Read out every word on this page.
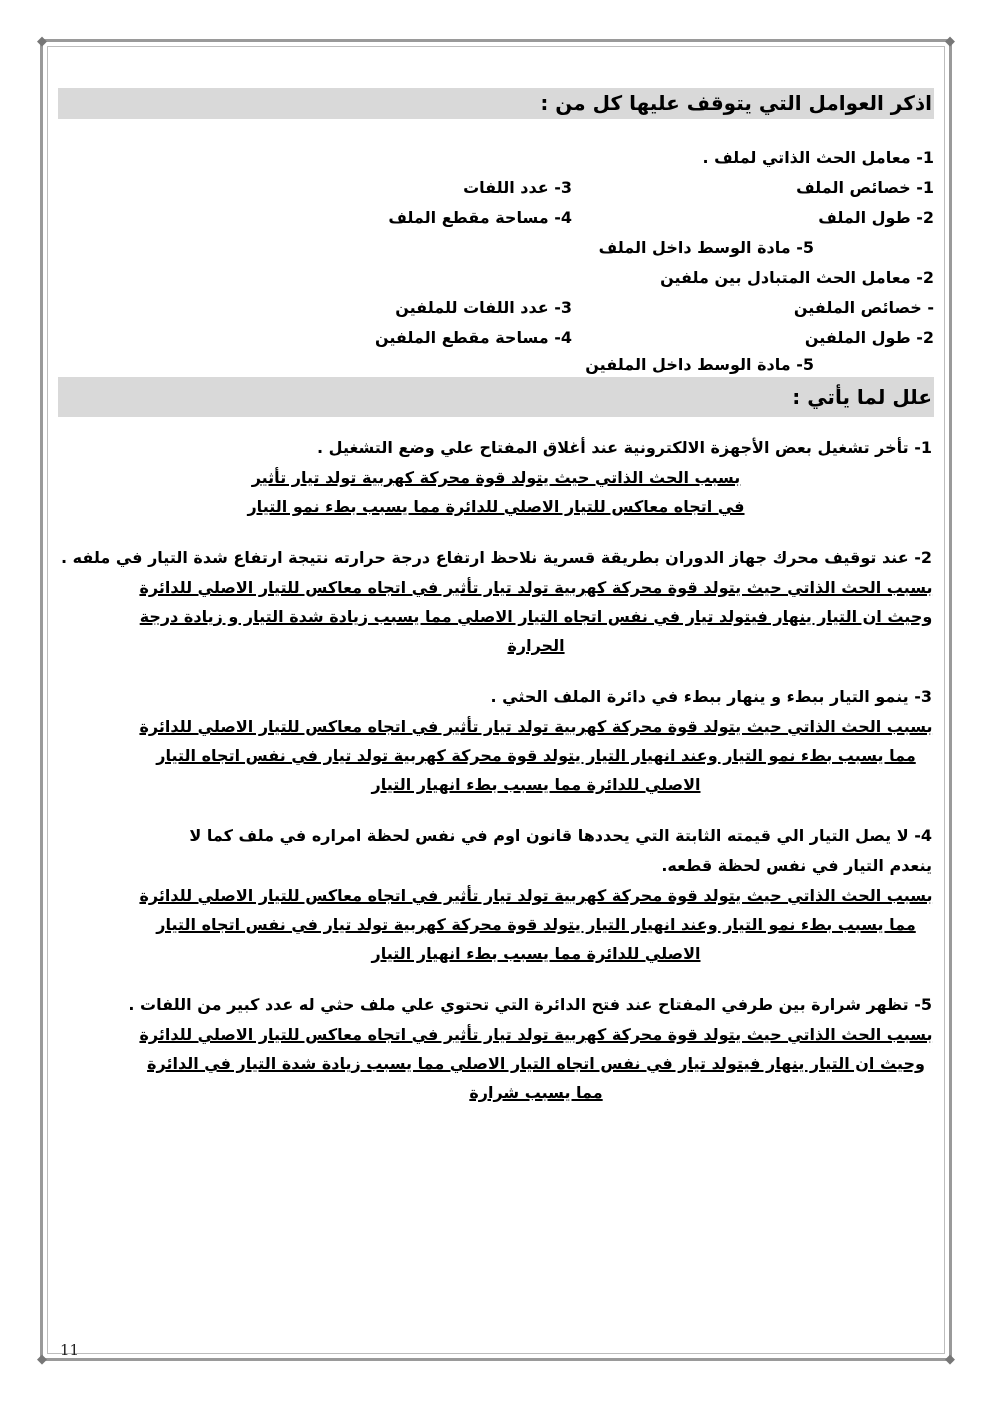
◆	◆
◆	◆
اذكر العوامل التي يتوقف عليها كل من :
1- معامل الحث الذاتي لملف .
1- خصائص الملف
3- عدد اللفات
2- طول الملف
4- مساحة مقطع الملف
5- مادة الوسط داخل الملف
2- معامل الحث المتبادل بين ملفين
- خصائص الملفين
3- عدد اللفات للملفين
2- طول الملفين
4- مساحة مقطع الملفين
5- مادة الوسط داخل الملفين
علل لما يأتي :
1- تأخر تشغيل بعض الأجهزة الالكترونية عند أغلاق المفتاح علي وضع التشغيل .
بسبب الحث الذاتي حيث يتولد قوة محركة كهربية تولد تيار تأثير في اتجاه معاكس للتيار الاصلي للدائرة مما يسبب بطء نمو التيار
2- عند توقيف محرك جهاز الدوران بطريقة قسرية نلاحظ ارتفاع درجة حرارته نتيجة ارتفاع شدة التيار في ملفه .
بسبب الحث الذاتي حيث يتولد قوة محركة كهربية تولد تيار تأثير في اتجاه معاكس للتيار الاصلي للدائرة وحيث ان التيار ينهار فيتولد تيار في نفس اتجاه التيار الاصلي مما يسبب زيادة شدة التيار و زيادة درجة الحرارة
3- ينمو التيار ببطء و ينهار ببطء في دائرة الملف الحثي .
بسبب الحث الذاتي حيث يتولد قوة محركة كهربية تولد تيار تأثير في اتجاه معاكس للتيار الاصلي للدائرة مما يسبب بطء نمو التيار وعند انهيار التيار يتولد قوة محركة كهربية تولد تيار في نفس اتجاه التيار الاصلي للدائرة مما يسبب بطء انهيار التيار
4- لا يصل التيار الي قيمته الثابتة التي يحددها قانون اوم في نفس لحظة امراره في ملف كما لا ينعدم التيار في نفس لحظة قطعه.
بسبب الحث الذاتي حيث يتولد قوة محركة كهربية تولد تيار تأثير في اتجاه معاكس للتيار الاصلي للدائرة مما يسبب بطء نمو التيار وعند انهيار التيار يتولد قوة محركة كهربية تولد تيار في نفس اتجاه التيار الاصلي للدائرة مما يسبب بطء انهيار التيار
5- تظهر شرارة بين طرفي المفتاح عند فتح الدائرة التي تحتوي علي ملف حثي له عدد كبير من اللفات .
بسبب الحث الذاتي حيث يتولد قوة محركة كهربية تولد تيار تأثير في اتجاه معاكس للتيار الاصلي للدائرة وحيث ان التيار ينهار فيتولد تيار في نفس اتجاه التيار الاصلي مما يسبب زيادة شدة التيار في الدائرة مما يسبب شرارة
11
